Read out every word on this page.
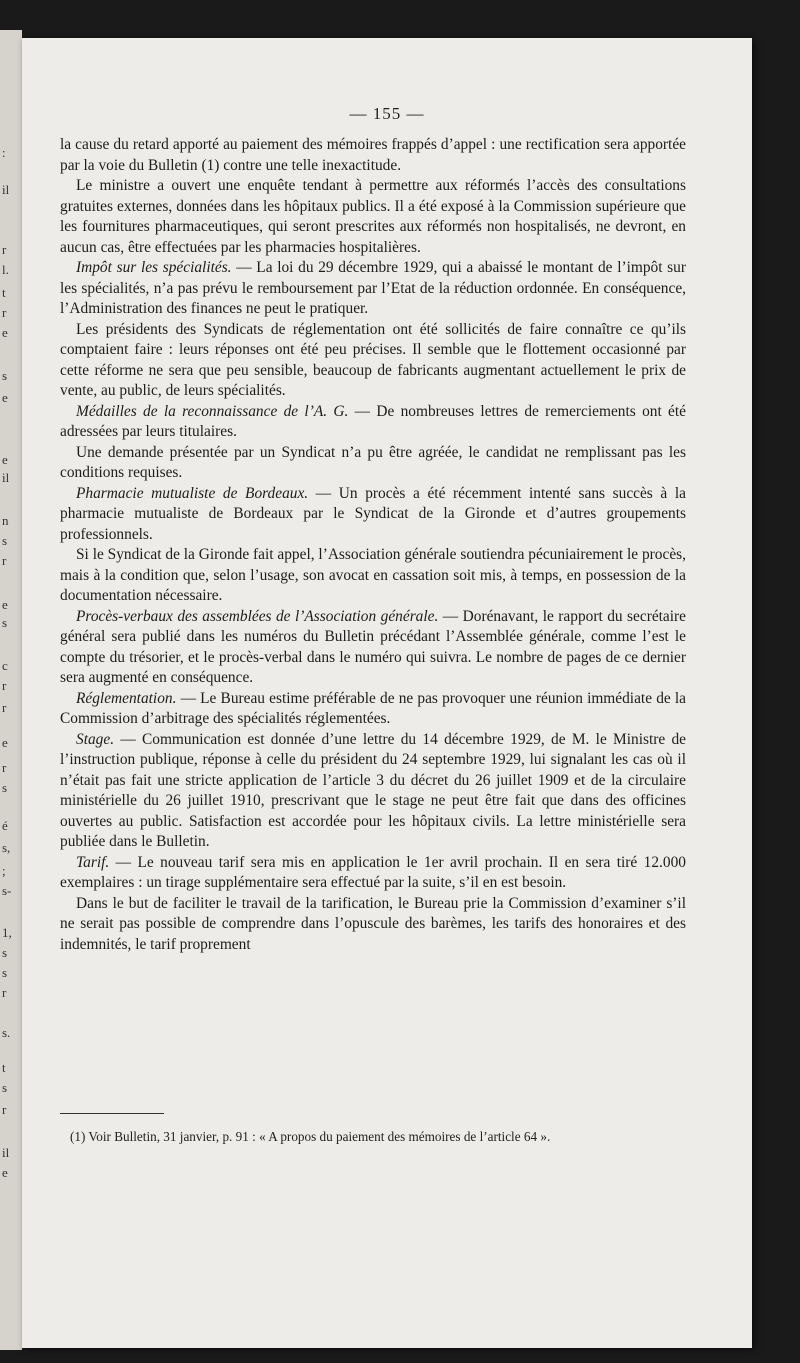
:
il
r
l.
t
r
e
s
e
e
il
n
s
r
e
s
c
r
r
e
r
s
é
s,
;
s-
1,
s
s
r
s.
t
s
r
il
e
— 155 —

la cause du retard apporté au paiement des mémoires frappés d’appel : une rectification sera apportée par la voie du Bulletin (1) contre une telle inexactitude.

Le ministre a ouvert une enquête tendant à permettre aux réformés l’accès des consultations gratuites externes, données dans les hôpitaux publics. Il a été exposé à la Commission supérieure que les fournitures pharmaceutiques, qui seront prescrites aux réformés non hospitalisés, ne devront, en aucun cas, être effectuées par les pharmacies hospitalières.

Impôt sur les spécialités. — La loi du 29 décembre 1929, qui a abaissé le montant de l’impôt sur les spécialités, n’a pas prévu le remboursement par l’Etat de la réduction ordonnée. En conséquence, l’Administration des finances ne peut le pratiquer.

Les présidents des Syndicats de réglementation ont été sollicités de faire connaître ce qu’ils comptaient faire : leurs réponses ont été peu précises. Il semble que le flottement occasionné par cette réforme ne sera que peu sensible, beaucoup de fabricants augmentant actuellement le prix de vente, au public, de leurs spécialités.

Médailles de la reconnaissance de l’A. G. — De nombreuses lettres de remerciements ont été adressées par leurs titulaires.

Une demande présentée par un Syndicat n’a pu être agréée, le candidat ne remplissant pas les conditions requises.

Pharmacie mutualiste de Bordeaux. — Un procès a été récemment intenté sans succès à la pharmacie mutualiste de Bordeaux par le Syndicat de la Gironde et d’autres groupements professionnels.

Si le Syndicat de la Gironde fait appel, l’Association générale soutiendra pécuniairement le procès, mais à la condition que, selon l’usage, son avocat en cassation soit mis, à temps, en possession de la documentation nécessaire.

Procès-verbaux des assemblées de l’Association générale. — Dorénavant, le rapport du secrétaire général sera publié dans les numéros du Bulletin précédant l’Assemblée générale, comme l’est le compte du trésorier, et le procès-verbal dans le numéro qui suivra. Le nombre de pages de ce dernier sera augmenté en conséquence.

Réglementation. — Le Bureau estime préférable de ne pas provoquer une réunion immédiate de la Commission d’arbitrage des spécialités réglementées.

Stage. — Communication est donnée d’une lettre du 14 décembre 1929, de M. le Ministre de l’instruction publique, réponse à celle du président du 24 septembre 1929, lui signalant les cas où il n’était pas fait une stricte application de l’article 3 du décret du 26 juillet 1909 et de la circulaire ministérielle du 26 juillet 1910, prescrivant que le stage ne peut être fait que dans des officines ouvertes au public. Satisfaction est accordée pour les hôpitaux civils. La lettre ministérielle sera publiée dans le Bulletin.

Tarif. — Le nouveau tarif sera mis en application le 1er avril prochain. Il en sera tiré 12.000 exemplaires : un tirage supplémentaire sera effectué par la suite, s’il en est besoin.

Dans le but de faciliter le travail de la tarification, le Bureau prie la Commission d’examiner s’il ne serait pas possible de comprendre dans l’opuscule des barèmes, les tarifs des honoraires et des indemnités, le tarif proprement

(1) Voir Bulletin, 31 janvier, p. 91 : « A propos du paiement des mémoires de l’article 64 ».
